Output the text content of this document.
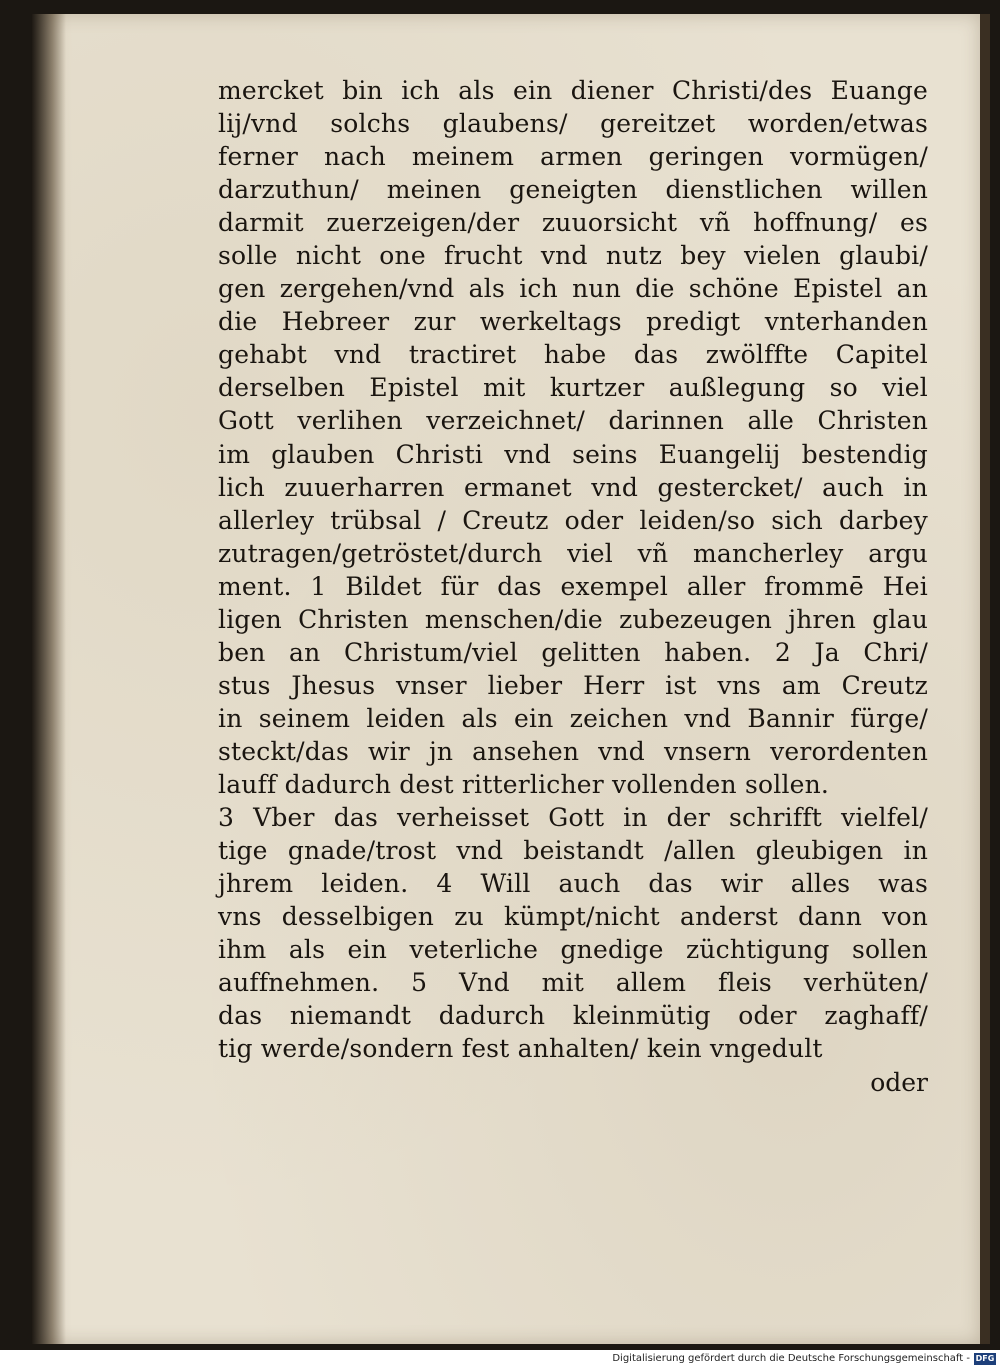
mercket bin ich als ein diener Christi/des Euange
lij/vnd solchs glaubens/ gereitzet worden/etwas
ferner nach meinem armen geringen vormügen/
darzuthun/ meinen geneigten dienstlichen willen
darmit zuerzeigen/der zuuorsicht vñ hoffnung/ es
solle nicht one frucht vnd nutz bey vielen glaubi/
gen zergehen/vnd als ich nun die schöne Epistel an
die Hebreer zur werkeltags predigt vnterhanden
gehabt vnd tractiret habe das zwölffte Capitel
derselben Epistel mit kurtzer außlegung so viel
Gott verlihen verzeichnet/ darinnen alle Christen
im glauben Christi vnd seins Euangelij bestendig
lich zuuerharren ermanet vnd gestercket/ auch in
allerley trübsal / Creutz oder leiden/so sich darbey
zutragen/getröstet/durch viel vñ mancherley argu
ment. 1 Bildet für das exempel aller frommē Hei
ligen Christen menschen/die zubezeugen jhren glau
ben an Christum/viel gelitten haben. 2 Ja Chri/
stus Jhesus vnser lieber Herr ist vns am Creutz
in seinem leiden als ein zeichen vnd Bannir fürge/
steckt/das wir jn ansehen vnd vnsern verordenten
lauff dadurch dest ritterlicher vollenden sollen.
3 Vber das verheisset Gott in der schrifft vielfel/
tige gnade/trost vnd beistandt /allen gleubigen in
jhrem leiden. 4 Will auch das wir alles was
vns desselbigen zu kümpt/nicht anderst dann von
ihm als ein veterliche gnedige züchtigung sollen
auffnehmen. 5 Vnd mit allem fleis verhüten/
das niemandt dadurch kleinmütig oder zaghaff/
tig werde/sondern fest anhalten/ kein vngedult
oder
Digitalisierung gefördert durch die Deutsche Forschungsgemeinschaft - DFG
